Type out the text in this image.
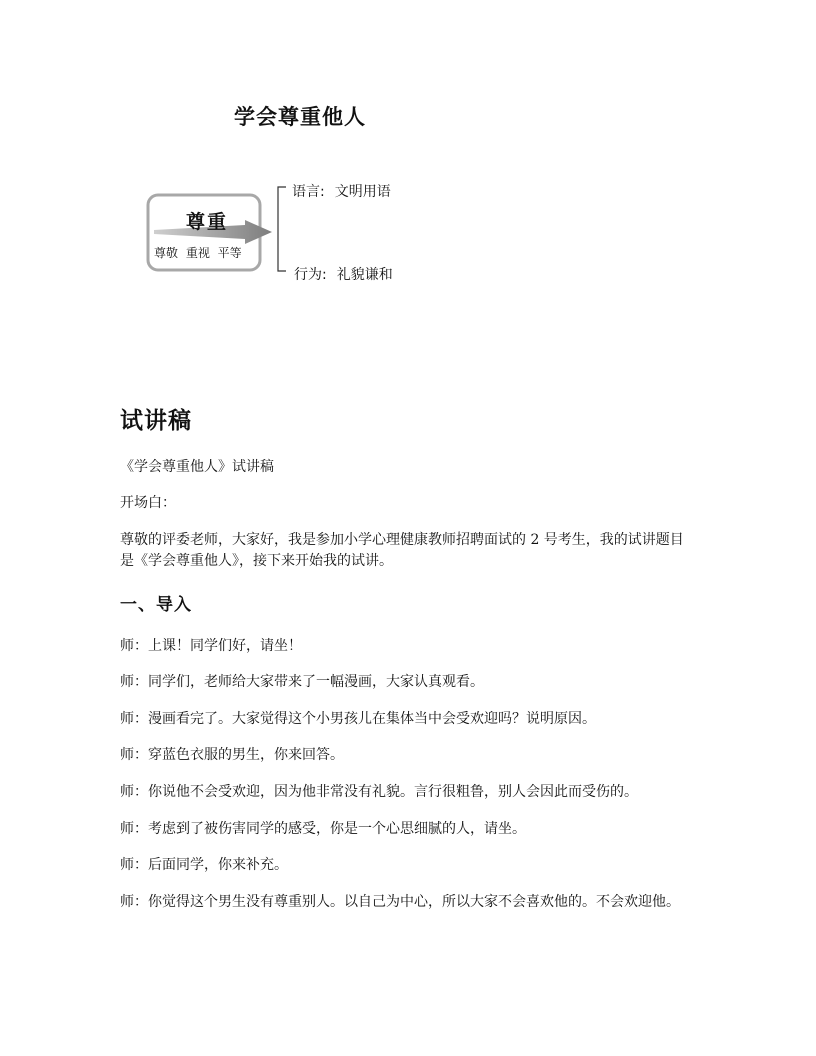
学会尊重他人
尊重
尊敬 重视 平等
语言: 文明用语
行为: 礼貌谦和
试讲稿
《学会尊重他人》试讲稿
开场白：
尊敬的评委老师，大家好，我是参加小学心理健康教师招聘面试的 2 号考生，我的试讲题目是《学会尊重他人》，接下来开始我的试讲。
一、导入
师：上课！同学们好，请坐！
师：同学们，老师给大家带来了一幅漫画，大家认真观看。
师：漫画看完了。大家觉得这个小男孩儿在集体当中会受欢迎吗？说明原因。
师：穿蓝色衣服的男生，你来回答。
师：你说他不会受欢迎，因为他非常没有礼貌。言行很粗鲁，别人会因此而受伤的。
师：考虑到了被伤害同学的感受，你是一个心思细腻的人，请坐。
师：后面同学，你来补充。
师：你觉得这个男生没有尊重别人。以自己为中心，所以大家不会喜欢他的。不会欢迎他。
